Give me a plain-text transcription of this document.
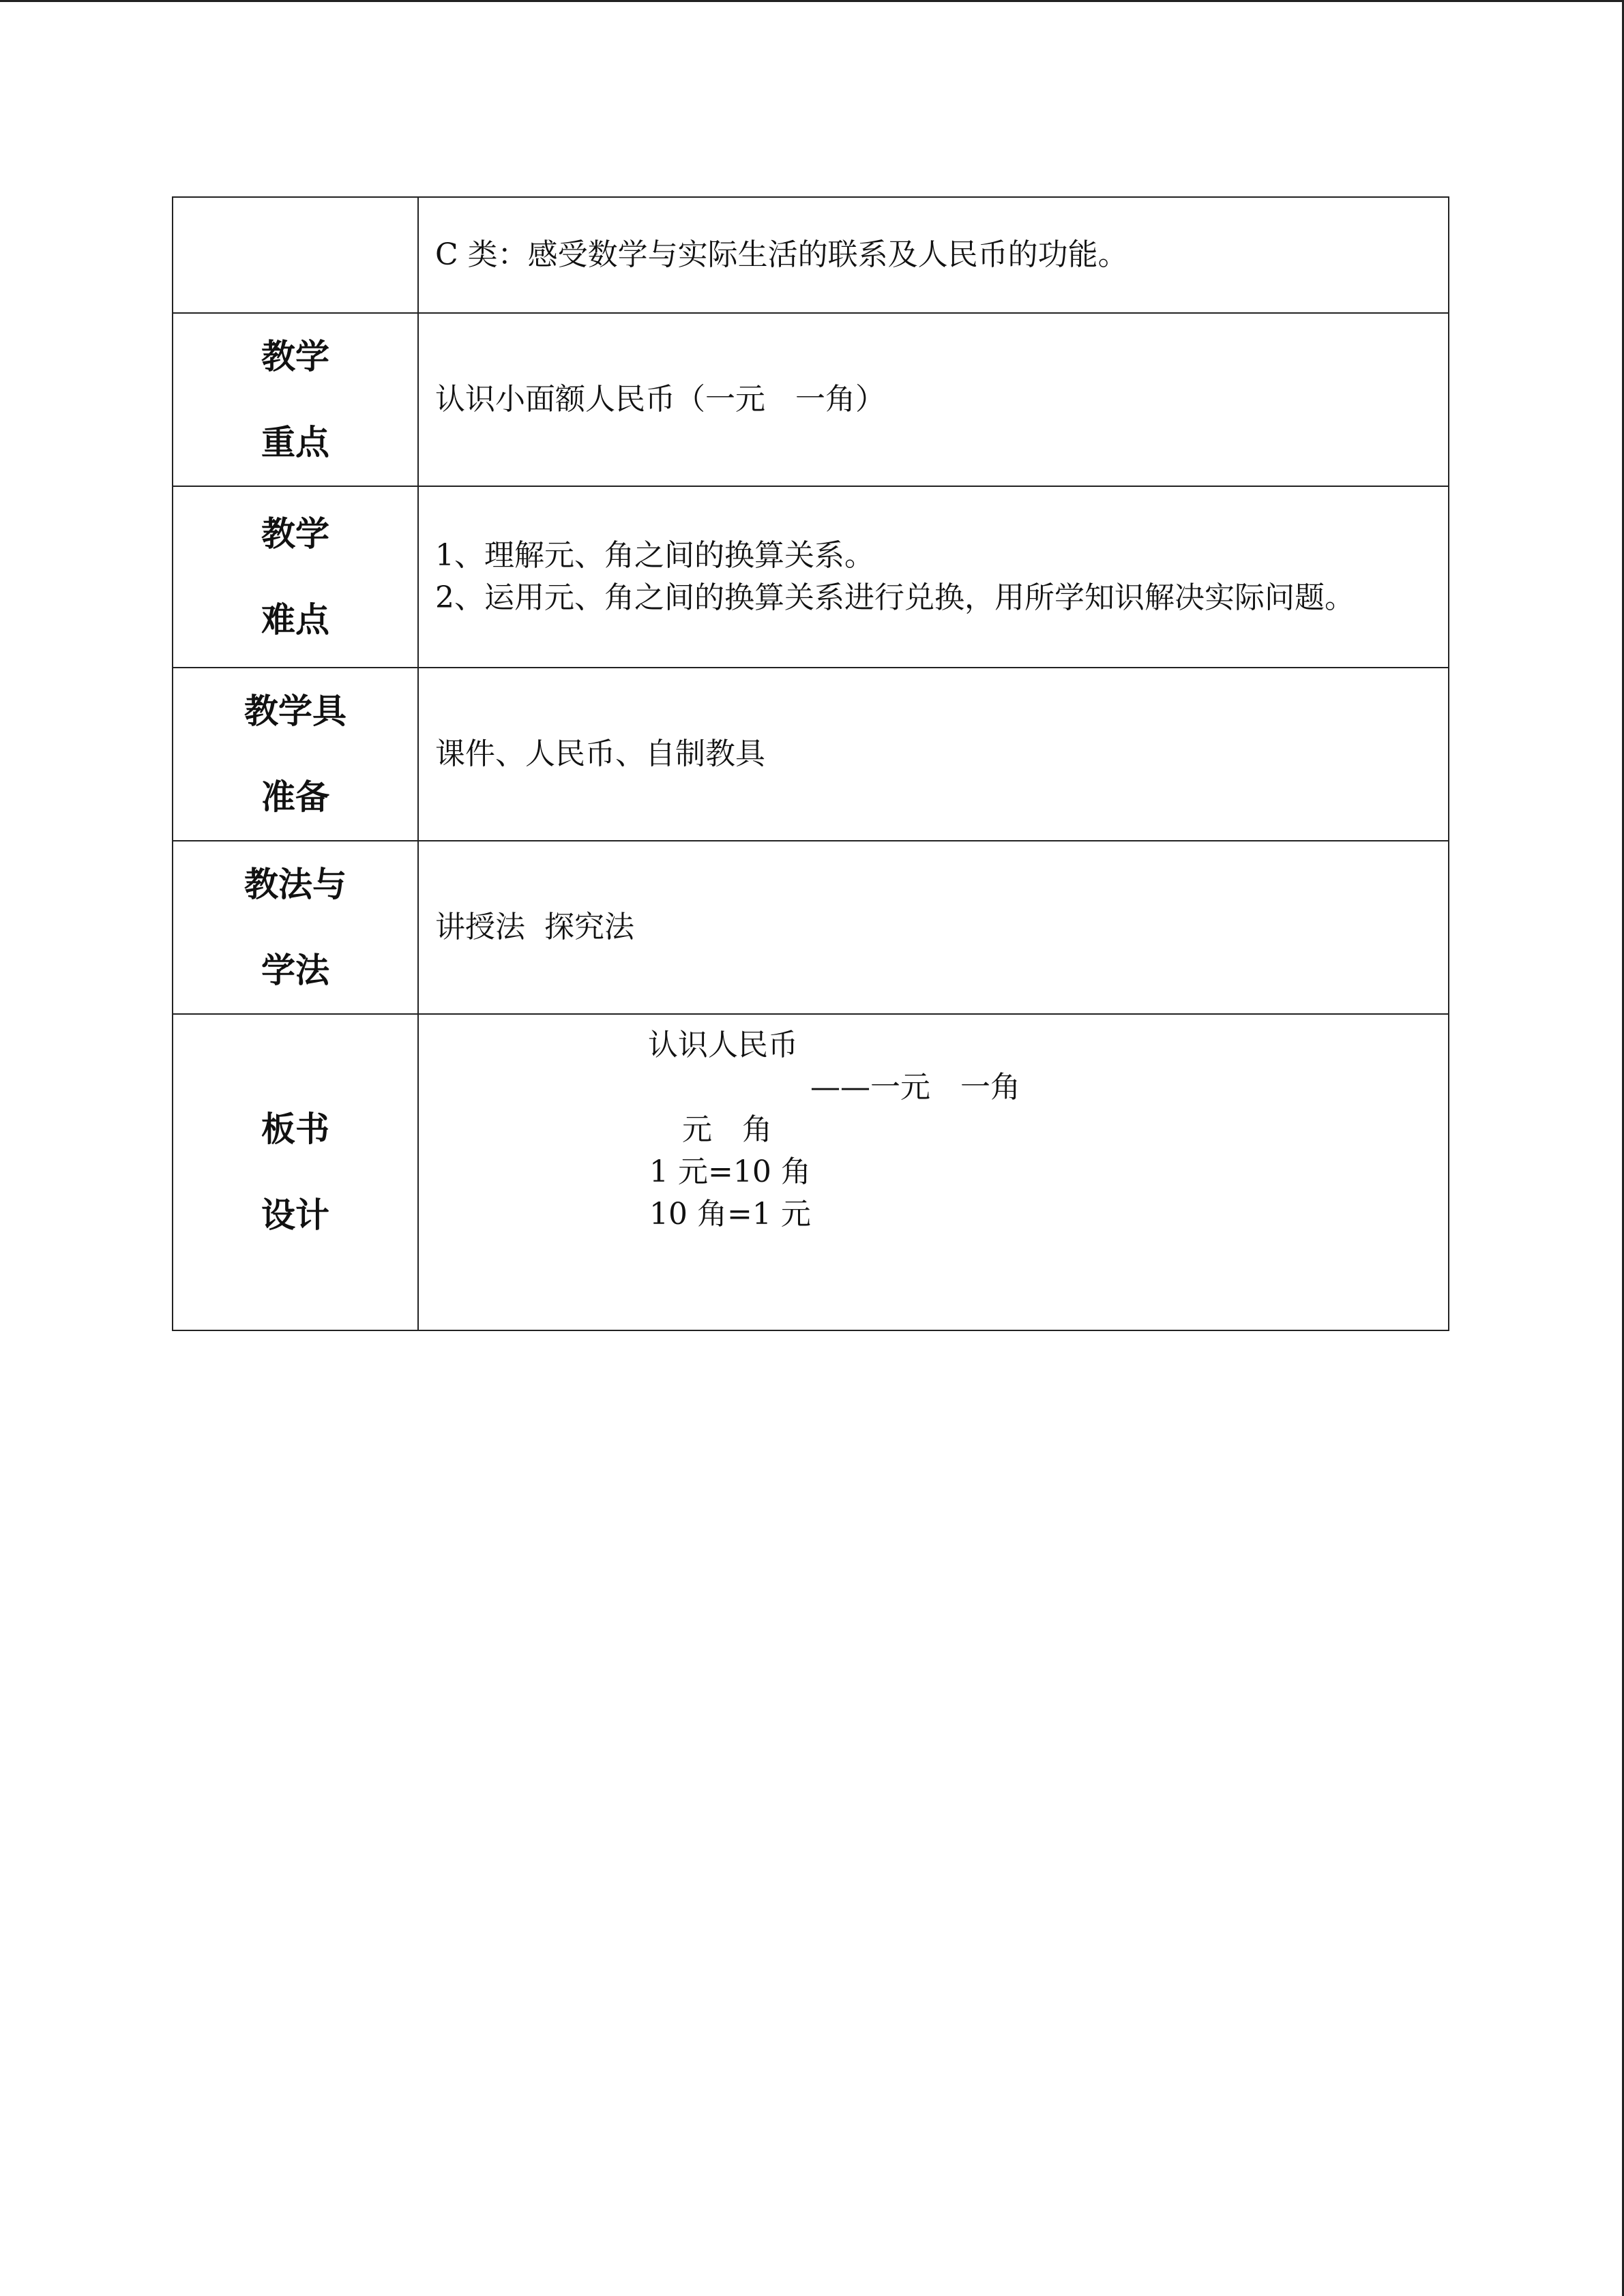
	C 类：感受数学与实际生活的联系及人民币的功能。

教学
重点	认识小面额人民币（一元　一角）

教学
难点	1、理解元、角之间的换算关系。
2、运用元、角之间的换算关系进行兑换，用所学知识解决实际问题。

教学具
准备	课件、人民币、自制教具

教法与
学法	讲授法  探究法

板书
设计	认识人民币
——一元　一角
元　角
1 元=10 角
10 角=1 元
